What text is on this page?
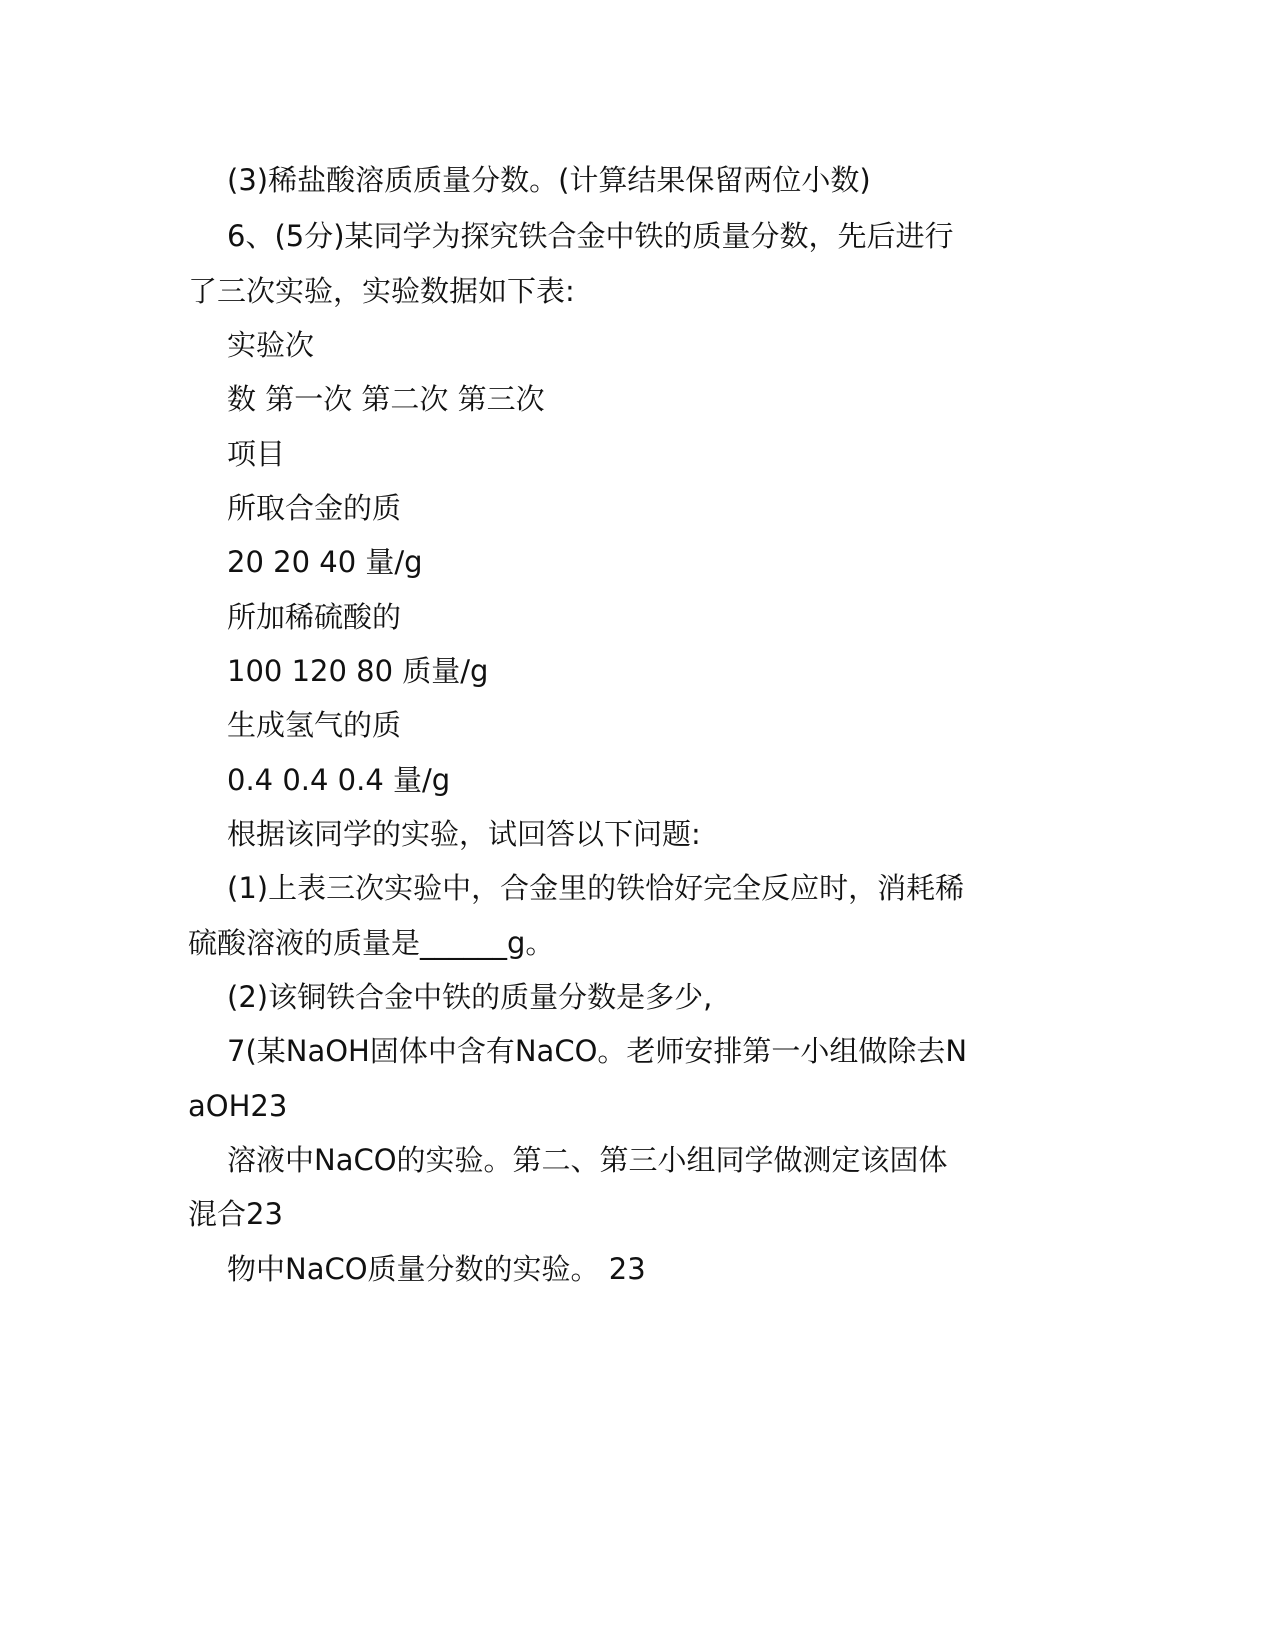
(3)稀盐酸溶质质量分数。(计算结果保留两位小数)
6、(5分)某同学为探究铁合金中铁的质量分数，先后进行
了三次实验，实验数据如下表:
实验次
数 第一次 第二次 第三次
项目
所取合金的质
20 20 40 量/g
所加稀硫酸的
100 120 80 质量/g
生成氢气的质
0.4 0.4 0.4 量/g
根据该同学的实验，试回答以下问题:
(1)上表三次实验中，合金里的铁恰好完全反应时，消耗稀
硫酸溶液的质量是______g。
(2)该铜铁合金中铁的质量分数是多少,
7(某NaOH固体中含有NaCO。老师安排第一小组做除去N
aOH23
溶液中NaCO的实验。第二、第三小组同学做测定该固体
混合23
物中NaCO质量分数的实验。 23
